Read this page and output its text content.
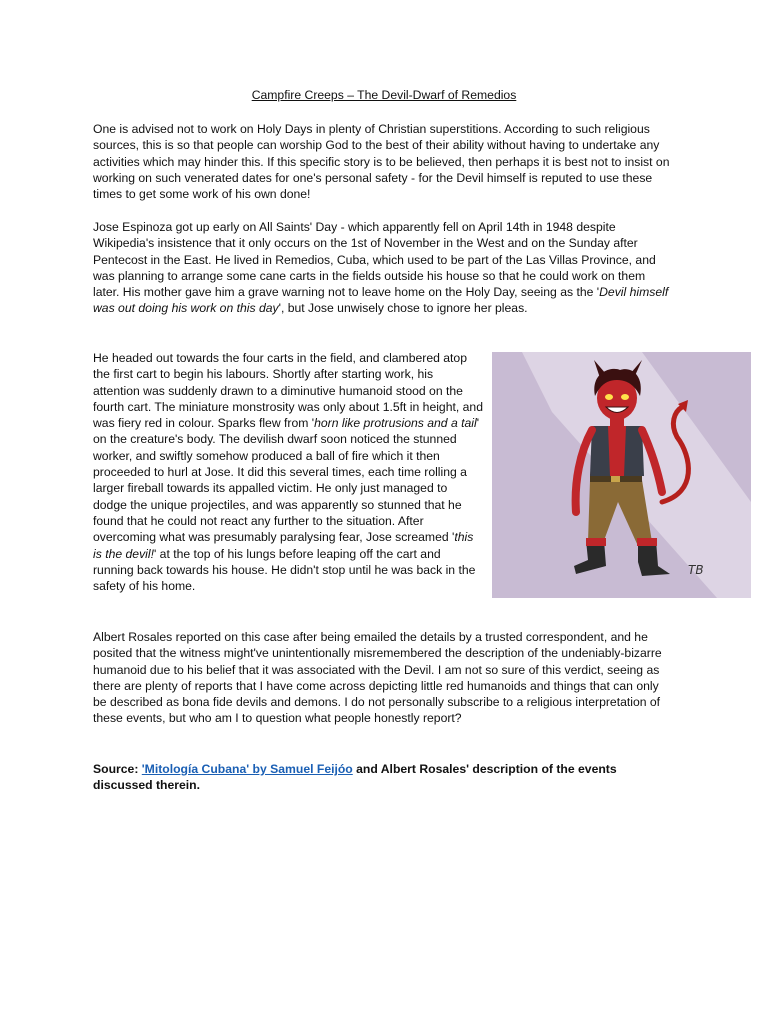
Campfire Creeps – The Devil-Dwarf of Remedios

One is advised not to work on Holy Days in plenty of Christian superstitions. According to such religious sources, this is so that people can worship God to the best of their ability without having to undertake any activities which may hinder this. If this specific story is to be believed, then perhaps it is best not to insist on working on such venerated dates for one's personal safety - for the Devil himself is reputed to use these times to get some work of his own done!

Jose Espinoza got up early on All Saints' Day - which apparently fell on April 14th in 1948 despite Wikipedia's insistence that it only occurs on the 1st of November in the West and on the Sunday after Pentecost in the East. He lived in Remedios, Cuba, which used to be part of the Las Villas Province, and was planning to arrange some cane carts in the fields outside his house so that he could work on them later. His mother gave him a grave warning not to leave home on the Holy Day, seeing as the 'Devil himself was out doing his work on this day', but Jose unwisely chose to ignore her pleas.

He headed out towards the four carts in the field, and clambered atop the first cart to begin his labours. Shortly after starting work, his attention was suddenly drawn to a diminutive humanoid stood on the fourth cart. The miniature monstrosity was only about 1.5ft in height, and was fiery red in colour. Sparks flew from 'horn like protrusions and a tail' on the creature's body. The devilish dwarf soon noticed the stunned worker, and swiftly somehow produced a ball of fire which it then proceeded to hurl at Jose. It did this several times, each time rolling a larger fireball towards its appalled victim. He only just managed to dodge the unique projectiles, and was apparently so stunned that he found that he could not react any further to the situation. After overcoming what was presumably paralysing fear, Jose screamed 'this is the devil!' at the top of his lungs before leaping off the cart and running back towards his house. He didn't stop until he was back in the safety of his home.

TB

Albert Rosales reported on this case after being emailed the details by a trusted correspondent, and he posited that the witness might've unintentionally misremembered the description of the undeniably-bizarre humanoid due to his belief that it was associated with the Devil. I am not so sure of this verdict, seeing as there are plenty of reports that I have come across depicting little red humanoids and things that can only be described as bona fide devils and demons. I do not personally subscribe to a religious interpretation of these events, but who am I to question what people honestly report?

Source: 'Mitología Cubana' by Samuel Feijóo and Albert Rosales' description of the events discussed therein.
